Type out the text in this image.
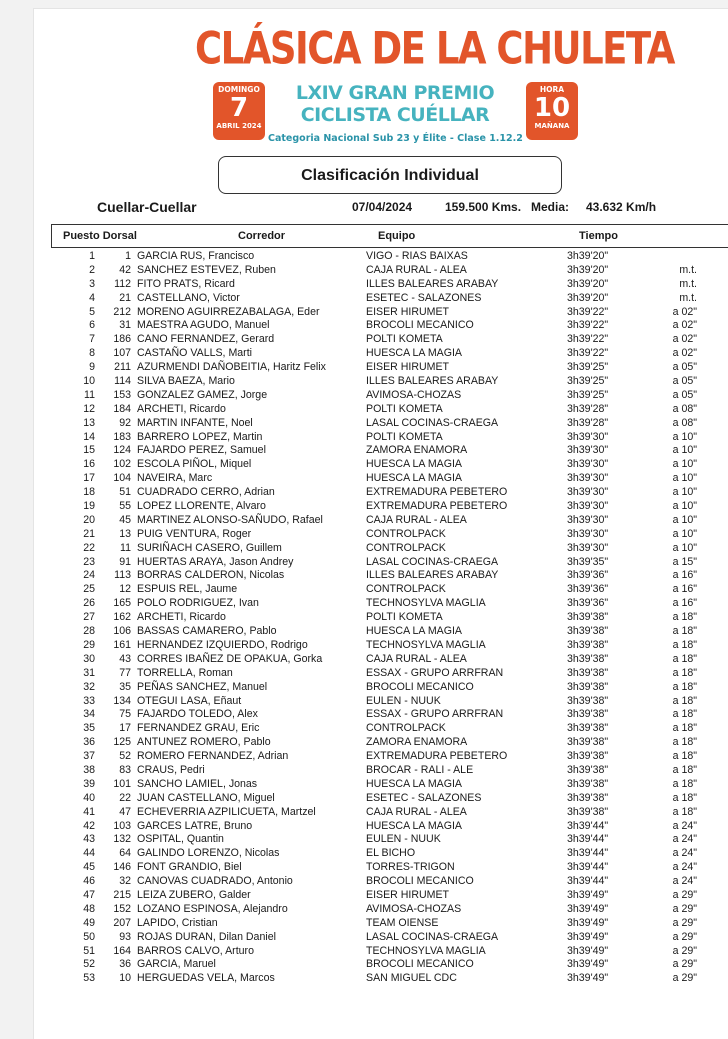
CLÁSICA DE LA CHULETA
DOMINGO
7
ABRIL 2024
HORA
10
MAÑANA
LXIV GRAN PREMIO
CICLISTA CUÉLLAR
Categoria Nacional Sub 23 y Élite - Clase 1.12.2
Clasificación Individual
Cuellar-Cuellar	07/04/2024	159.500 Kms. Media: 43.632 Km/h
Puesto Dorsal	Corredor	Equipo	Tiempo
1	1 GARCIA RUS, Francisco	VIGO - RIAS BAIXAS	3h39'20"
2	42 SANCHEZ ESTEVEZ, Ruben	CAJA RURAL - ALEA	3h39'20"	m.t.
3	112 FITO PRATS, Ricard	ILLES BALEARES ARABAY	3h39'20"	m.t.
4	21 CASTELLANO, Victor	ESETEC - SALAZONES	3h39'20"	m.t.
5	212 MORENO AGUIRREZABALAGA, Eder	EISER HIRUMET	3h39'22"	a 02"
6	31 MAESTRA AGUDO, Manuel	BROCOLI MECANICO	3h39'22"	a 02"
7	186 CANO FERNANDEZ, Gerard	POLTI KOMETA	3h39'22"	a 02"
8	107 CASTAÑO VALLS, Marti	HUESCA LA MAGIA	3h39'22"	a 02"
9	211 AZURMENDI DAÑOBEITIA, Haritz Felix	EISER HIRUMET	3h39'25"	a 05"
10	114 SILVA BAEZA, Mario	ILLES BALEARES ARABAY	3h39'25"	a 05"
11	153 GONZALEZ GAMEZ, Jorge	AVIMOSA-CHOZAS	3h39'25"	a 05"
12	184 ARCHETI, Ricardo	POLTI KOMETA	3h39'28"	a 08"
13	92 MARTIN INFANTE, Noel	LASAL COCINAS-CRAEGA	3h39'28"	a 08"
14	183 BARRERO LOPEZ, Martin	POLTI KOMETA	3h39'30"	a 10"
15	124 FAJARDO PEREZ, Samuel	ZAMORA ENAMORA	3h39'30"	a 10"
16	102 ESCOLA PIÑOL, Miquel	HUESCA LA MAGIA	3h39'30"	a 10"
17	104 NAVEIRA, Marc	HUESCA LA MAGIA	3h39'30"	a 10"
18	51 CUADRADO CERRO, Adrian	EXTREMADURA PEBETERO	3h39'30"	a 10"
19	55 LOPEZ LLORENTE, Alvaro	EXTREMADURA PEBETERO	3h39'30"	a 10"
20	45 MARTINEZ ALONSO-SAÑUDO, Rafael	CAJA RURAL - ALEA	3h39'30"	a 10"
21	13 PUIG VENTURA, Roger	CONTROLPACK	3h39'30"	a 10"
22	11 SURIÑACH CASERO, Guillem	CONTROLPACK	3h39'30"	a 10"
23	91 HUERTAS ARAYA, Jason Andrey	LASAL COCINAS-CRAEGA	3h39'35"	a 15"
24	113 BORRAS CALDERON, Nicolas	ILLES BALEARES ARABAY	3h39'36"	a 16"
25	12 ESPUIS REL, Jaume	CONTROLPACK	3h39'36"	a 16"
26	165 POLO RODRIGUEZ, Ivan	TECHNOSYLVA MAGLIA	3h39'36"	a 16"
27	162 ARCHETI, Ricardo	POLTI KOMETA	3h39'38"	a 18"
28	106 BASSAS CAMARERO, Pablo	HUESCA LA MAGIA	3h39'38"	a 18"
29	161 HERNANDEZ IZQUIERDO, Rodrigo	TECHNOSYLVA MAGLIA	3h39'38"	a 18"
30	43 CORRES IBAÑEZ DE OPAKUA, Gorka	CAJA RURAL - ALEA	3h39'38"	a 18"
31	77 TORRELLA, Roman	ESSAX - GRUPO ARRFRAN	3h39'38"	a 18"
32	35 PEÑAS SANCHEZ, Manuel	BROCOLI MECANICO	3h39'38"	a 18"
33	134 OTEGUI LASA, Eñaut	EULEN - NUUK	3h39'38"	a 18"
34	75 FAJARDO TOLEDO, Alex	ESSAX - GRUPO ARRFRAN	3h39'38"	a 18"
35	17 FERNANDEZ GRAU, Eric	CONTROLPACK	3h39'38"	a 18"
36	125 ANTUNEZ ROMERO, Pablo	ZAMORA ENAMORA	3h39'38"	a 18"
37	52 ROMERO FERNANDEZ, Adrian	EXTREMADURA PEBETERO	3h39'38"	a 18"
38	83 CRAUS, Pedri	BROCAR - RALI - ALE	3h39'38"	a 18"
39	101 SANCHO LAMIEL, Jonas	HUESCA LA MAGIA	3h39'38"	a 18"
40	22 JUAN CASTELLANO, Miguel	ESETEC - SALAZONES	3h39'38"	a 18"
41	47 ECHEVERRIA AZPILICUETA, Martzel	CAJA RURAL - ALEA	3h39'38"	a 18"
42	103 GARCES LATRE, Bruno	HUESCA LA MAGIA	3h39'44"	a 24"
43	132 OSPITAL, Quantin	EULEN - NUUK	3h39'44"	a 24"
44	64 GALINDO LORENZO, Nicolas	EL BICHO	3h39'44"	a 24"
45	146 FONT GRANDIO, Biel	TORRES-TRIGON	3h39'44"	a 24"
46	32 CANOVAS CUADRADO, Antonio	BROCOLI MECANICO	3h39'44"	a 24"
47	215 LEIZA ZUBERO, Galder	EISER HIRUMET	3h39'49"	a 29"
48	152 LOZANO ESPINOSA, Alejandro	AVIMOSA-CHOZAS	3h39'49"	a 29"
49	207 LAPIDO, Cristian	TEAM OIENSE	3h39'49"	a 29"
50	93 ROJAS DURAN, Dilan Daniel	LASAL COCINAS-CRAEGA	3h39'49"	a 29"
51	164 BARROS CALVO, Arturo	TECHNOSYLVA MAGLIA	3h39'49"	a 29"
52	36 GARCIA, Maruel	BROCOLI MECANICO	3h39'49"	a 29"
53	10 HERGUEDAS VELA, Marcos	SAN MIGUEL CDC	3h39'49"	a 29"
